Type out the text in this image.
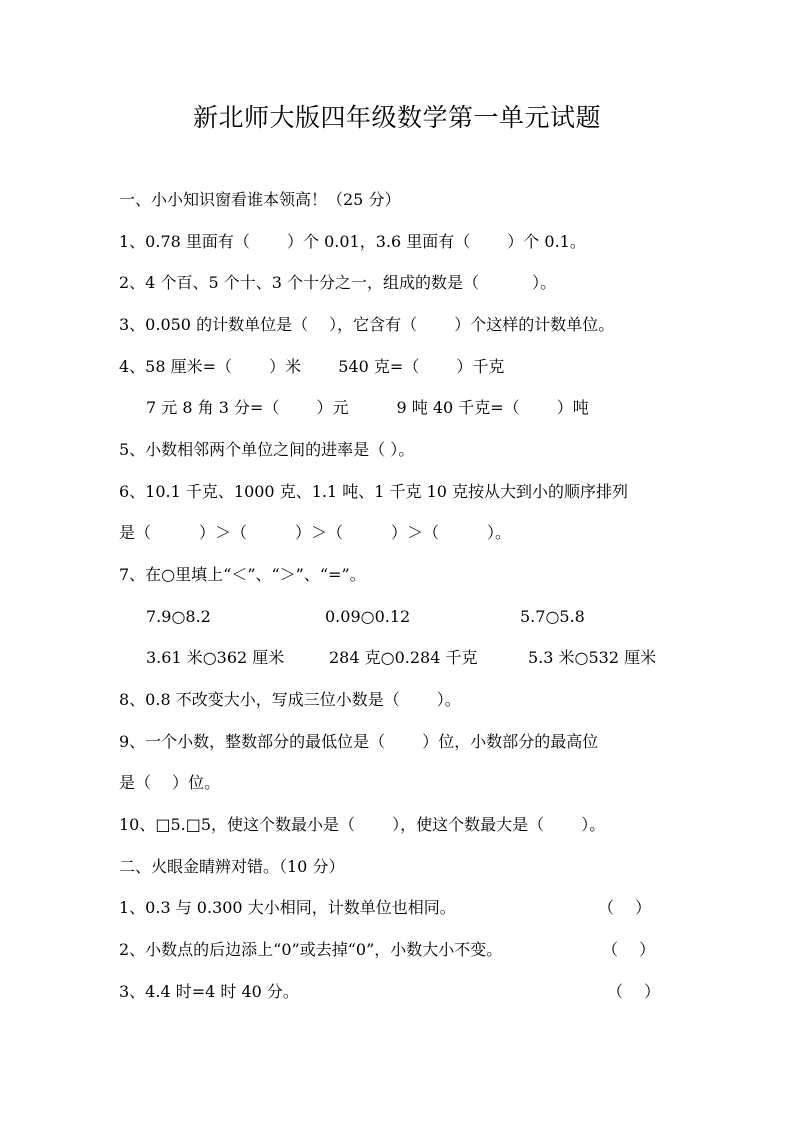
新北师大版四年级数学第一单元试题
一、小小知识窗看谁本领高！（25 分）
1、0.78 里面有（　 　）个 0.01，3.6 里面有（　 　）个 0.1。
2、4 个百、5 个十、3 个十分之一，组成的数是（　 　　）。
3、0.050 的计数单位是（　 ），它含有（　 　）个这样的计数单位。
4、58 厘米=（　 　）米　　 540 克=（　 　）千克
7 元 8 角 3 分=（　 　）元　　　9 吨 40 千克=（　 　）吨
5、小数相邻两个单位之间的进率是（ ）。
6、10.1 千克、1000 克、1.1 吨、1 千克 10 克按从大到小的顺序排列
是（　　　）＞（　　　）＞（　　　）＞（　　　）。
7、在○里填上“＜”、“＞”、“=”。
7.9○8.2	0.09○0.12	5.7○5.8
3.61 米○362 厘米	284 克○0.284 千克	5.3 米○532 厘米
8、0.8 不改变大小，写成三位小数是（　 　）。
9、一个小数，整数部分的最低位是（　 　）位，小数部分的最高位
是（　 ）位。
10、□5.□5，使这个数最小是（　 　），使这个数最大是（　 　）。
二、火眼金睛辨对错。（10 分）
1、0.3 与 0.300 大小相同，计数单位也相同。	（　 ）
2、小数点的后边添上“0”或去掉“0”，小数大小不变。	（　 ）
3、4.4 时=4 时 40 分。	（　 ）
